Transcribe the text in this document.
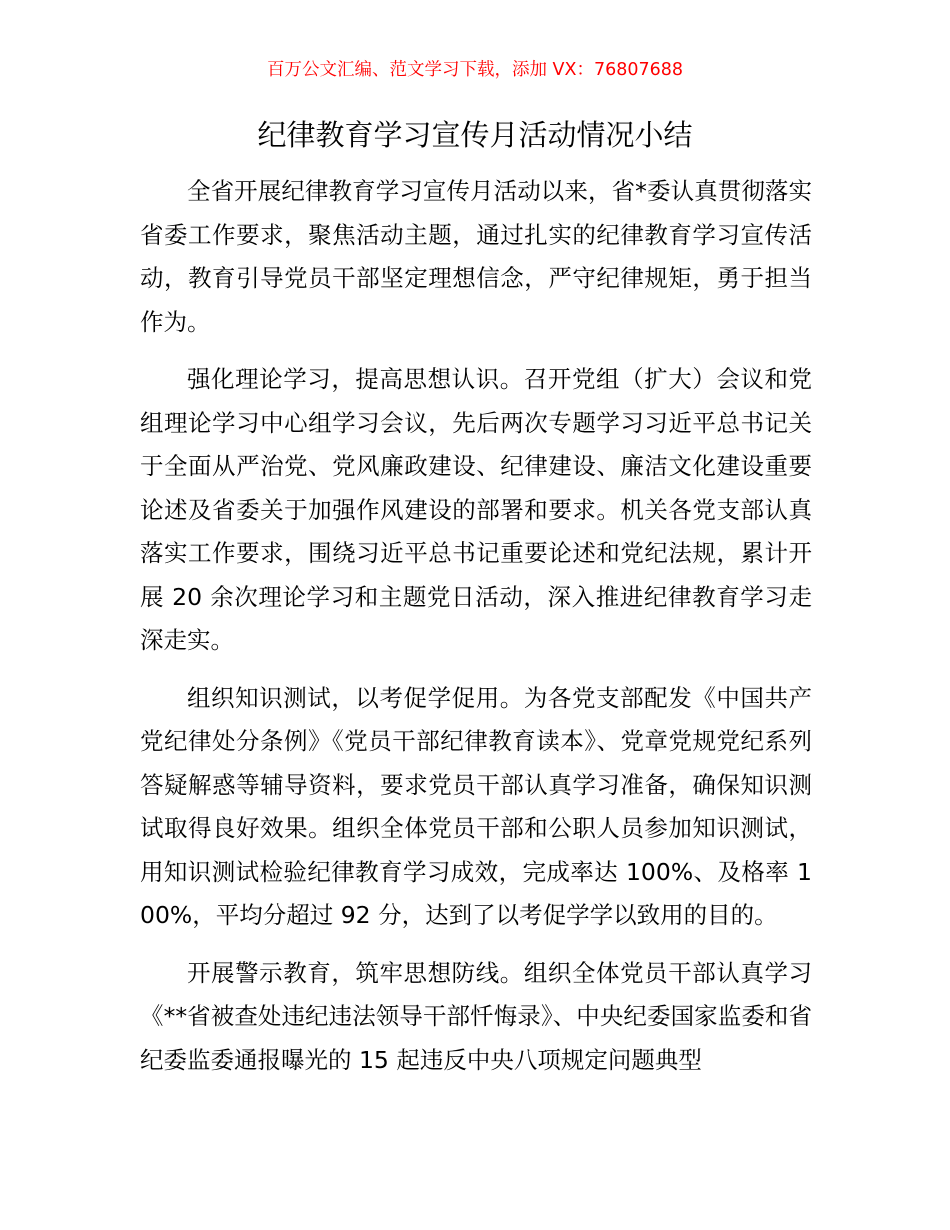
百万公文汇编、范文学习下载，添加 VX：76807688
纪律教育学习宣传月活动情况小结

全省开展纪律教育学习宣传月活动以来，省*委认真贯彻落实省委工作要求，聚焦活动主题，通过扎实的纪律教育学习宣传活动，教育引导党员干部坚定理想信念，严守纪律规矩，勇于担当作为。

强化理论学习，提高思想认识。召开党组（扩大）会议和党组理论学习中心组学习会议，先后两次专题学习习近平总书记关于全面从严治党、党风廉政建设、纪律建设、廉洁文化建设重要论述及省委关于加强作风建设的部署和要求。机关各党支部认真落实工作要求，围绕习近平总书记重要论述和党纪法规，累计开展 20 余次理论学习和主题党日活动，深入推进纪律教育学习走深走实。

组织知识测试，以考促学促用。为各党支部配发《中国共产党纪律处分条例》《党员干部纪律教育读本》、党章党规党纪系列答疑解惑等辅导资料，要求党员干部认真学习准备，确保知识测试取得良好效果。组织全体党员干部和公职人员参加知识测试，用知识测试检验纪律教育学习成效，完成率达 100%、及格率 100%，平均分超过 92 分，达到了以考促学学以致用的目的。

开展警示教育，筑牢思想防线。组织全体党员干部认真学习《**省被查处违纪违法领导干部忏悔录》、中央纪委国家监委和省纪委监委通报曝光的 15 起违反中央八项规定问题典型
